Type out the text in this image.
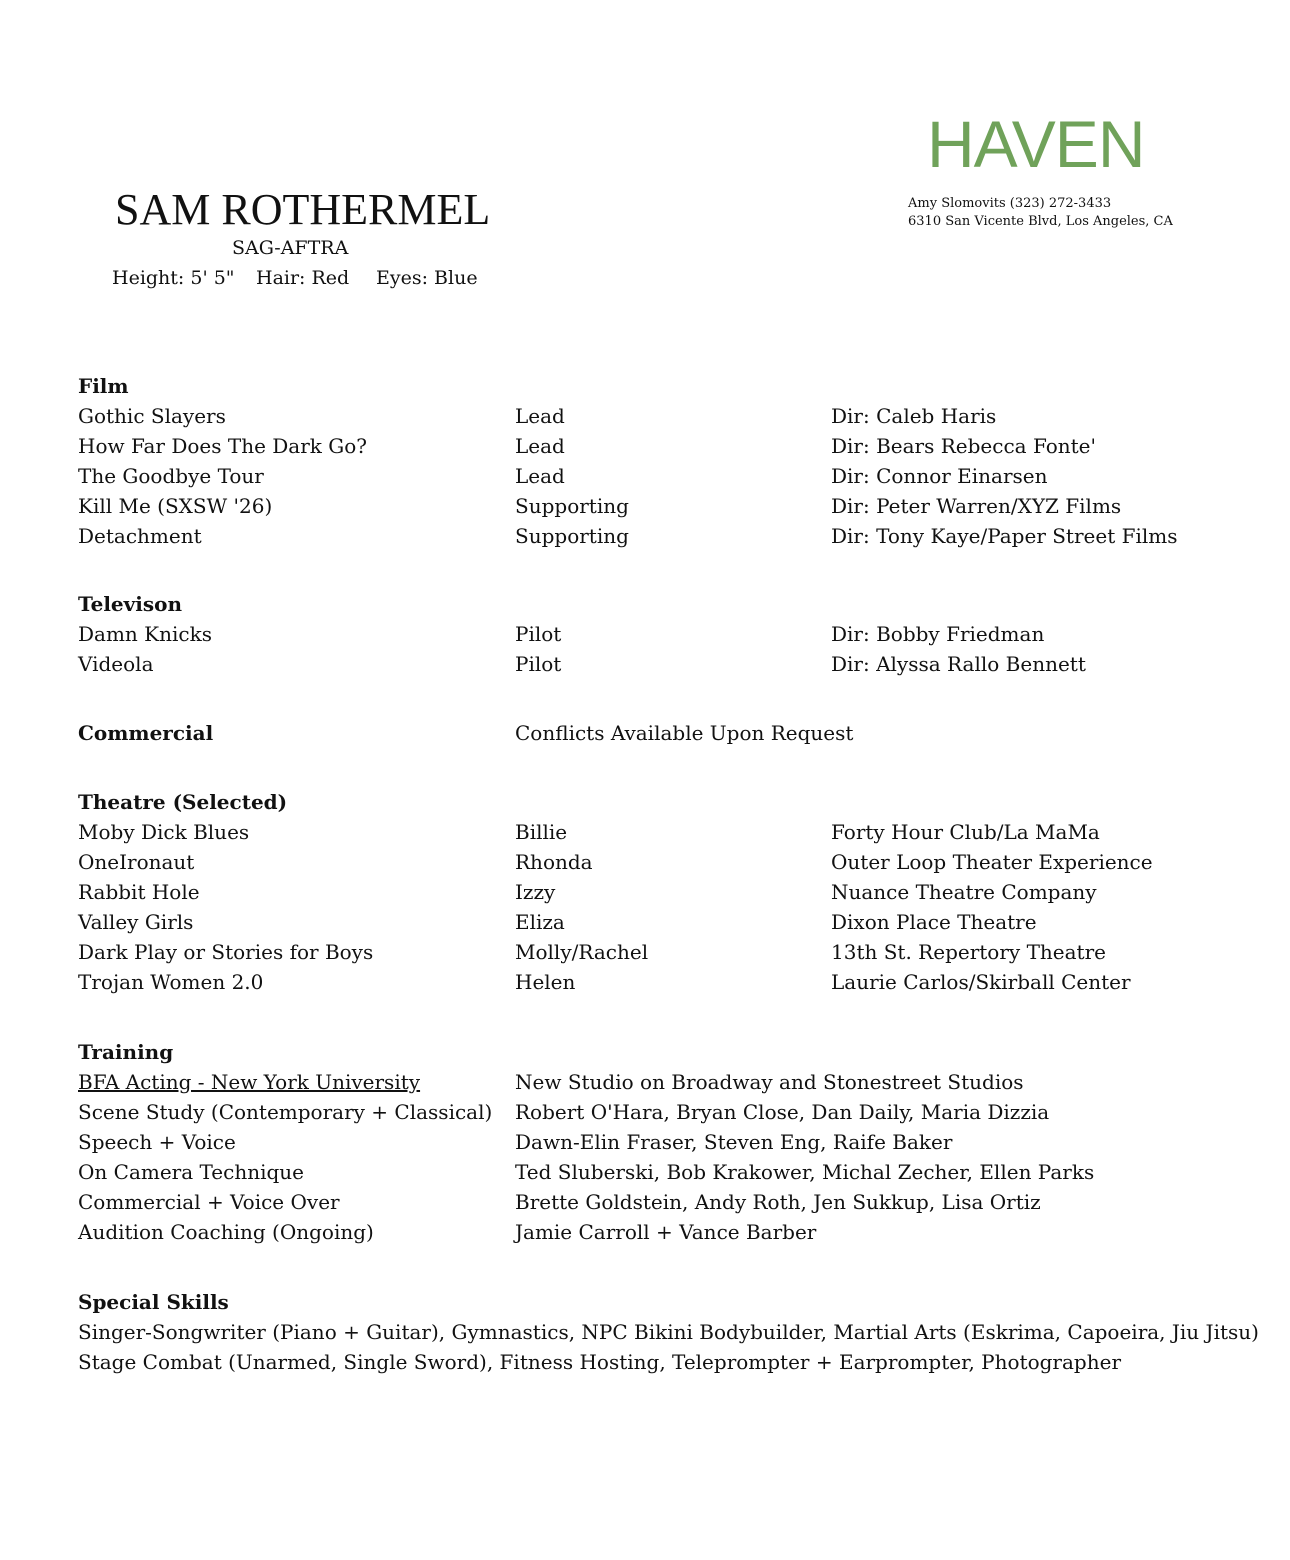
SAM ROTHERMEL
SAG-AFTRA
Height: 5' 5" Hair: Red Eyes: Blue
HAVEN
Amy Slomovits (323) 272-3433
6310 San Vicente Blvd, Los Angeles, CA
Film
Gothic Slayers	Lead	Dir: Caleb Haris
How Far Does The Dark Go?	Lead	Dir: Bears Rebecca Fonte'
The Goodbye Tour	Lead	Dir: Connor Einarsen
Kill Me (SXSW '26)	Supporting	Dir: Peter Warren/XYZ Films
Detachment	Supporting	Dir: Tony Kaye/Paper Street Films
Televison
Damn Knicks	Pilot	Dir: Bobby Friedman
Videola	Pilot	Dir: Alyssa Rallo Bennett
Commercial	Conflicts Available Upon Request
Theatre (Selected)
Moby Dick Blues	Billie	Forty Hour Club/La MaMa
OneIronaut	Rhonda	Outer Loop Theater Experience
Rabbit Hole	Izzy	Nuance Theatre Company
Valley Girls	Eliza	Dixon Place Theatre
Dark Play or Stories for Boys	Molly/Rachel	13th St. Repertory Theatre
Trojan Women 2.0	Helen	Laurie Carlos/Skirball Center
Training
BFA Acting - New York University	New Studio on Broadway and Stonestreet Studios
Scene Study (Contemporary + Classical) Robert O'Hara, Bryan Close, Dan Daily, Maria Dizzia
Speech + Voice	Dawn-Elin Fraser, Steven Eng, Raife Baker
On Camera Technique	Ted Sluberski, Bob Krakower, Michal Zecher, Ellen Parks
Commercial + Voice Over	Brette Goldstein, Andy Roth, Jen Sukkup, Lisa Ortiz
Audition Coaching (Ongoing)	Jamie Carroll + Vance Barber
Special Skills
Singer-Songwriter (Piano + Guitar), Gymnastics, NPC Bikini Bodybuilder, Martial Arts (Eskrima, Capoeira, Jiu Jitsu)
Stage Combat (Unarmed, Single Sword), Fitness Hosting, Teleprompter + Earprompter, Photographer
